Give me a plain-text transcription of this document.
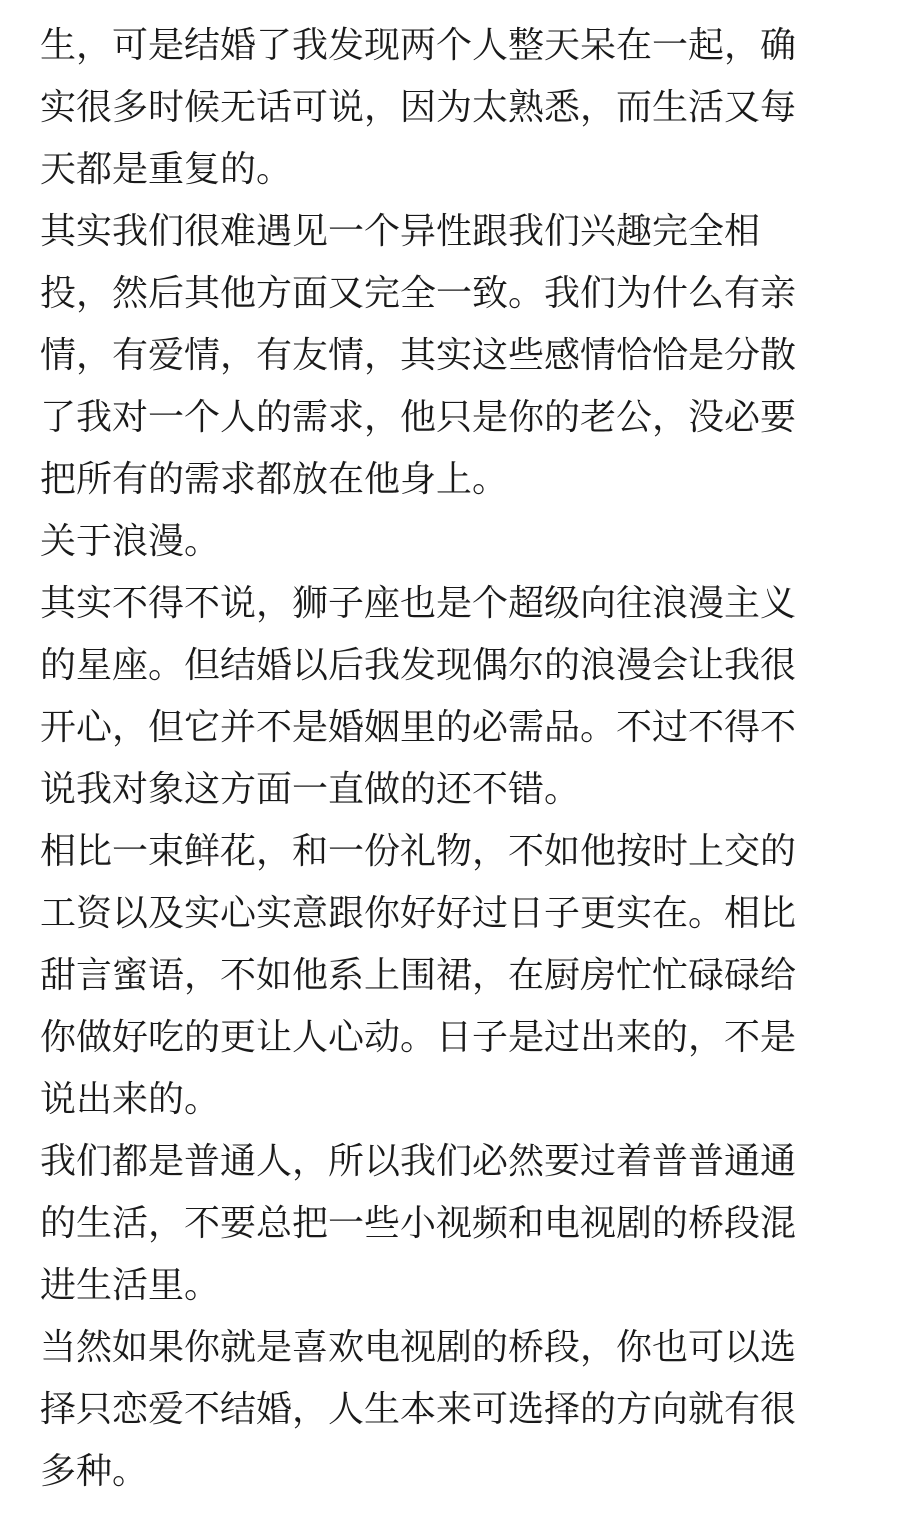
生，可是结婚了我发现两个人整天呆在一起，确

实很多时候无话可说，因为太熟悉，而生活又每

天都是重复的。

其实我们很难遇见一个异性跟我们兴趣完全相

投，然后其他方面又完全一致。我们为什么有亲

情，有爱情，有友情，其实这些感情恰恰是分散

了我对一个人的需求，他只是你的老公，没必要

把所有的需求都放在他身上。

关于浪漫。

其实不得不说，狮子座也是个超级向往浪漫主义

的星座。但结婚以后我发现偶尔的浪漫会让我很

开心，但它并不是婚姻里的必需品。不过不得不

说我对象这方面一直做的还不错。

相比一束鲜花，和一份礼物，不如他按时上交的

工资以及实心实意跟你好好过日子更实在。相比

甜言蜜语，不如他系上围裙，在厨房忙忙碌碌给

你做好吃的更让人心动。日子是过出来的，不是

说出来的。

我们都是普通人，所以我们必然要过着普普通通

的生活，不要总把一些小视频和电视剧的桥段混

进生活里。

当然如果你就是喜欢电视剧的桥段，你也可以选

择只恋爱不结婚，人生本来可选择的方向就有很

多种。
